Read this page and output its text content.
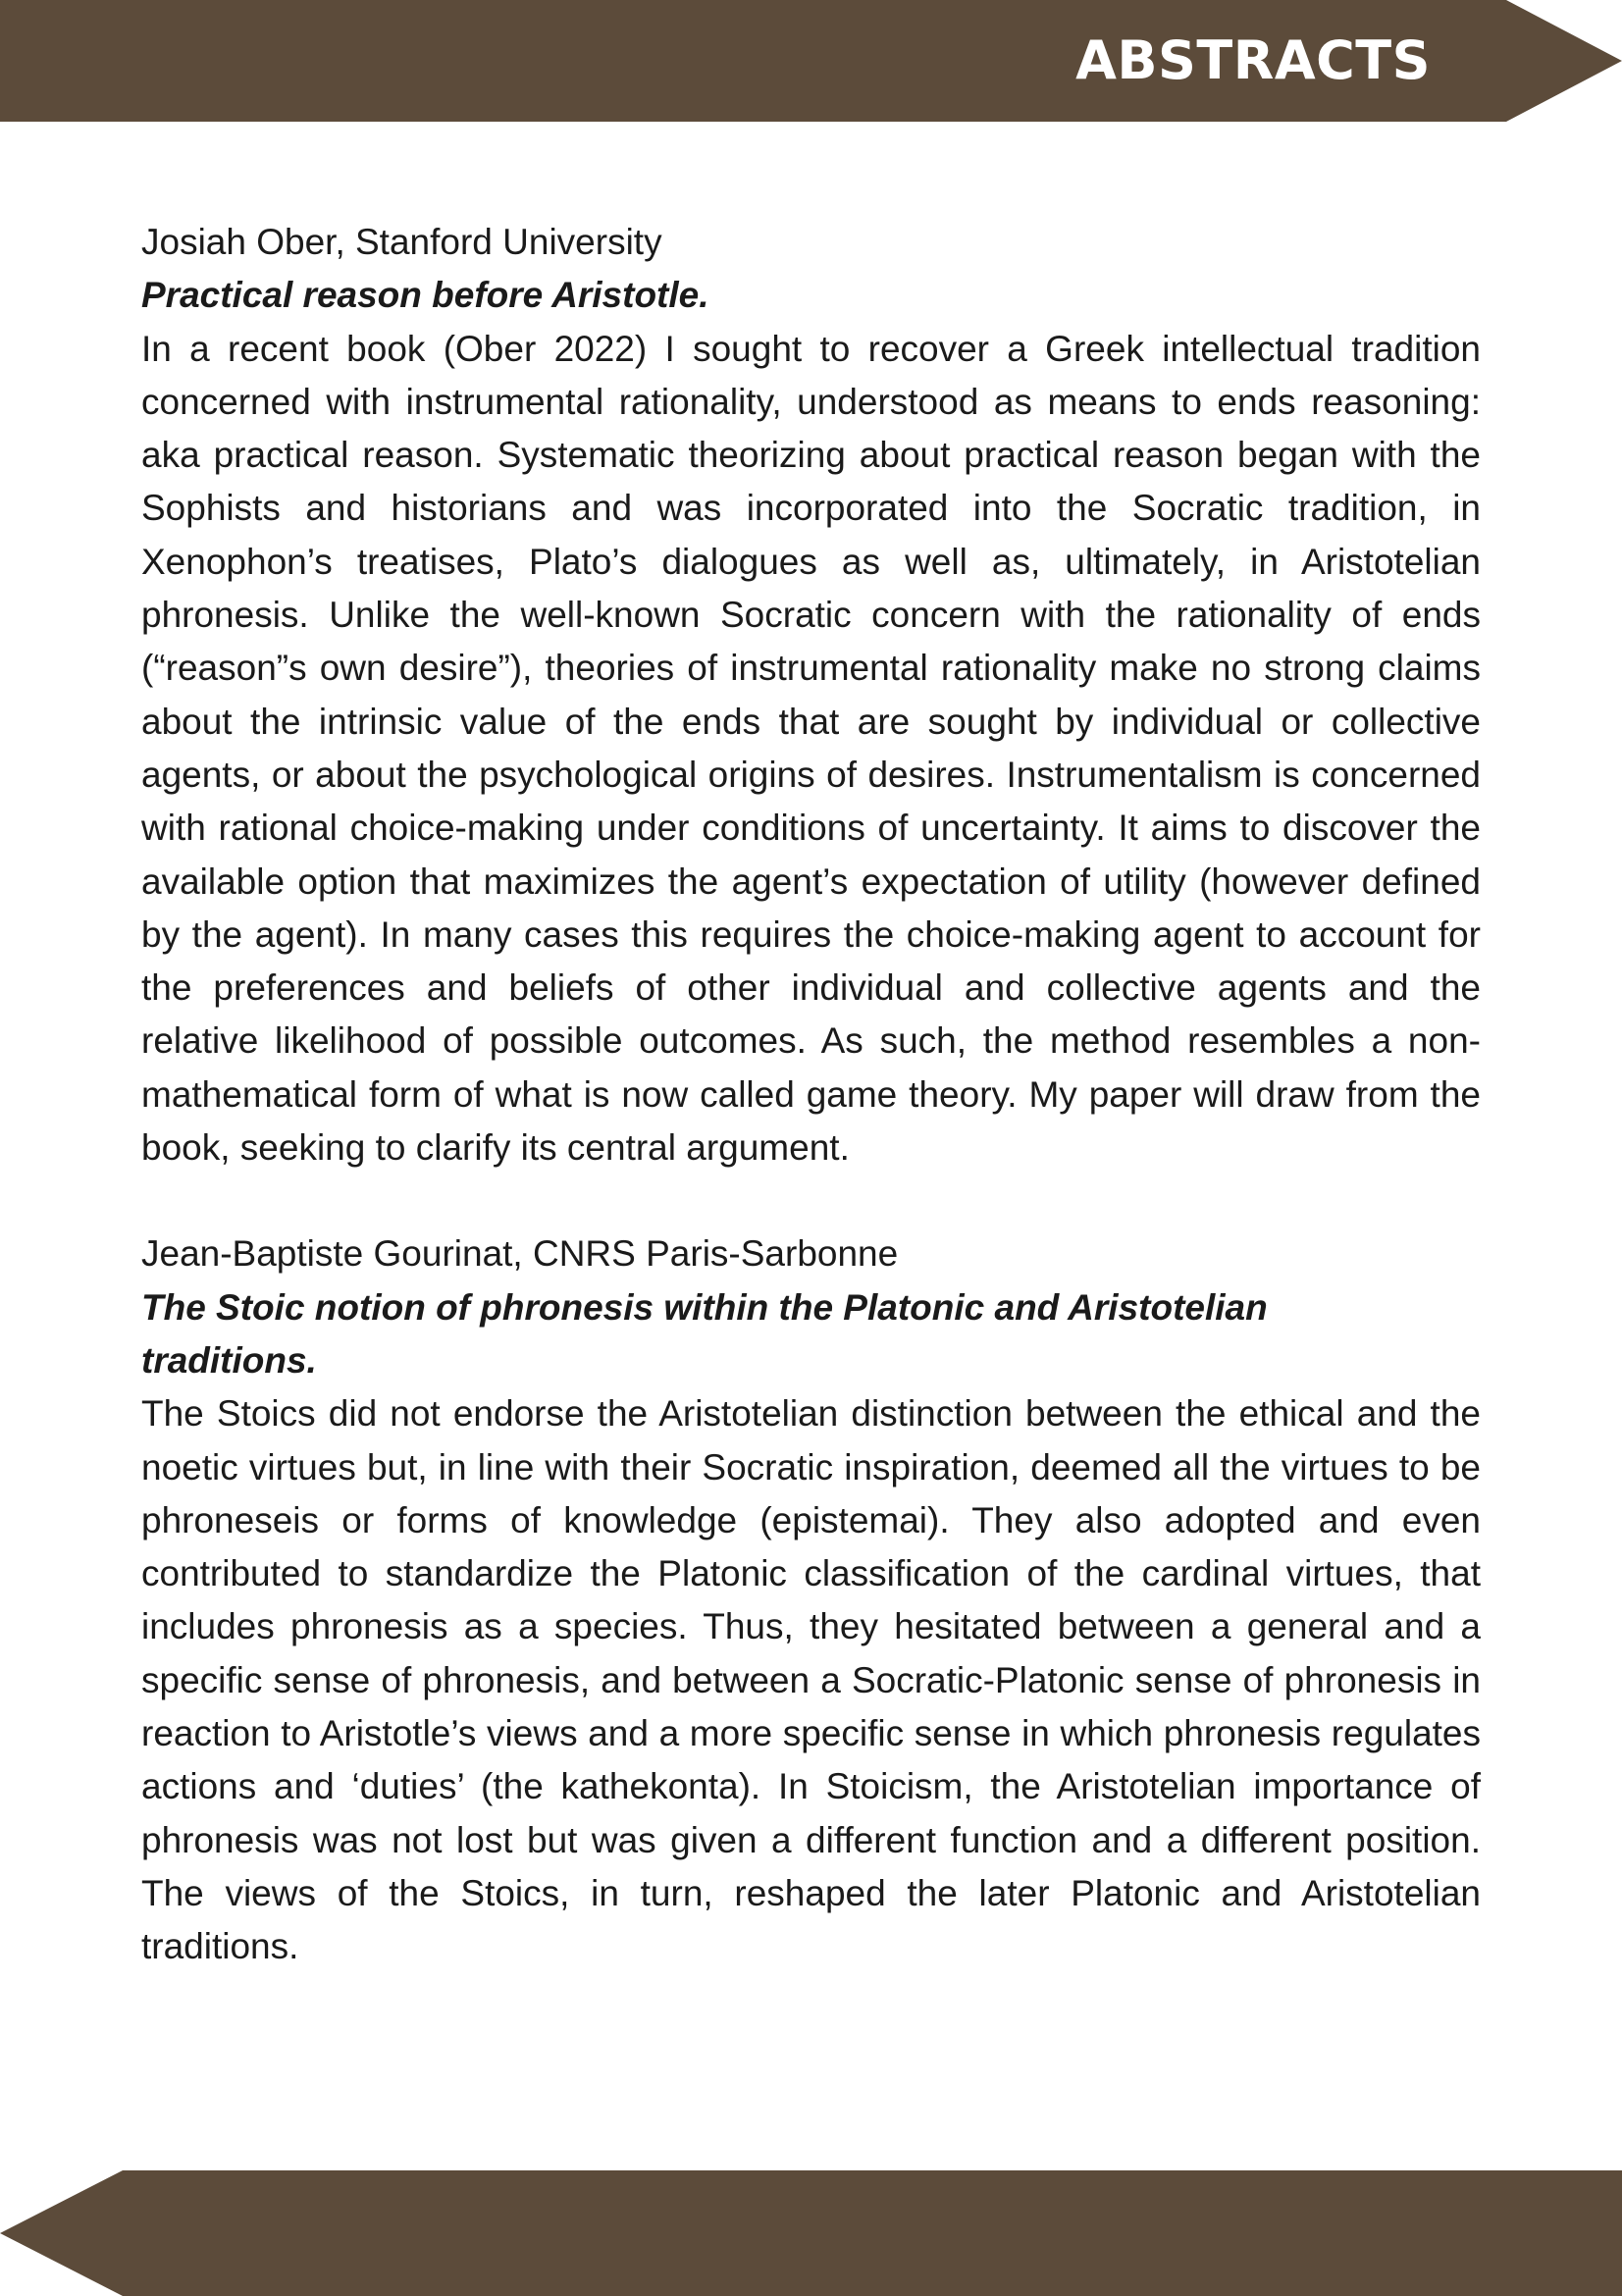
ABSTRACTS

Josiah Ober, Stanford University

Practical reason before Aristotle.

In a recent book (Ober 2022) I sought to recover a Greek intellectual tradition concerned with instrumental rationality, understood as means to ends reasoning: aka practical reason. Systematic theorizing about practical reason began with the Sophists and historians and was incorporated into the Socratic tradition, in Xenophon’s treatises, Plato’s dialogues as well as, ultimately, in Aristotelian phronesis. Unlike the well-known Socratic concern with the rationality of ends (“reason”s own desire”), theories of instrumental rationality make no strong claims about the intrinsic value of the ends that are sought by individual or collective agents, or about the psychological origins of desires. Instrumentalism is concerned with rational choice-making under conditions of uncertainty. It aims to discover the available option that maximizes the agent’s expectation of utility (however defined by the agent). In many cases this requires the choice-making agent to account for the preferences and beliefs of other individual and collective agents and the relative likelihood of possible outcomes. As such, the method resembles a non-mathematical form of what is now called game theory. My paper will draw from the book, seeking to clarify its central argument.

Jean-Baptiste Gourinat, CNRS Paris-Sarbonne

The Stoic notion of phronesis within the Platonic and Aristotelian traditions.

The Stoics did not endorse the Aristotelian distinction between the ethical and the noetic virtues but, in line with their Socratic inspiration, deemed all the virtues to be phroneseis or forms of knowledge (epistemai). They also adopted and even contributed to standardize the Platonic classification of the cardinal virtues, that includes phronesis as a species. Thus, they hesitated between a general and a specific sense of phronesis, and between a Socratic-Platonic sense of phronesis in reaction to Aristotle’s views and a more specific sense in which phronesis regulates actions and ‘duties’ (the kathekonta). In Stoicism, the Aristotelian importance of phronesis was not lost but was given a different function and a different position. The views of the Stoics, in turn, reshaped the later Platonic and Aristotelian traditions.
